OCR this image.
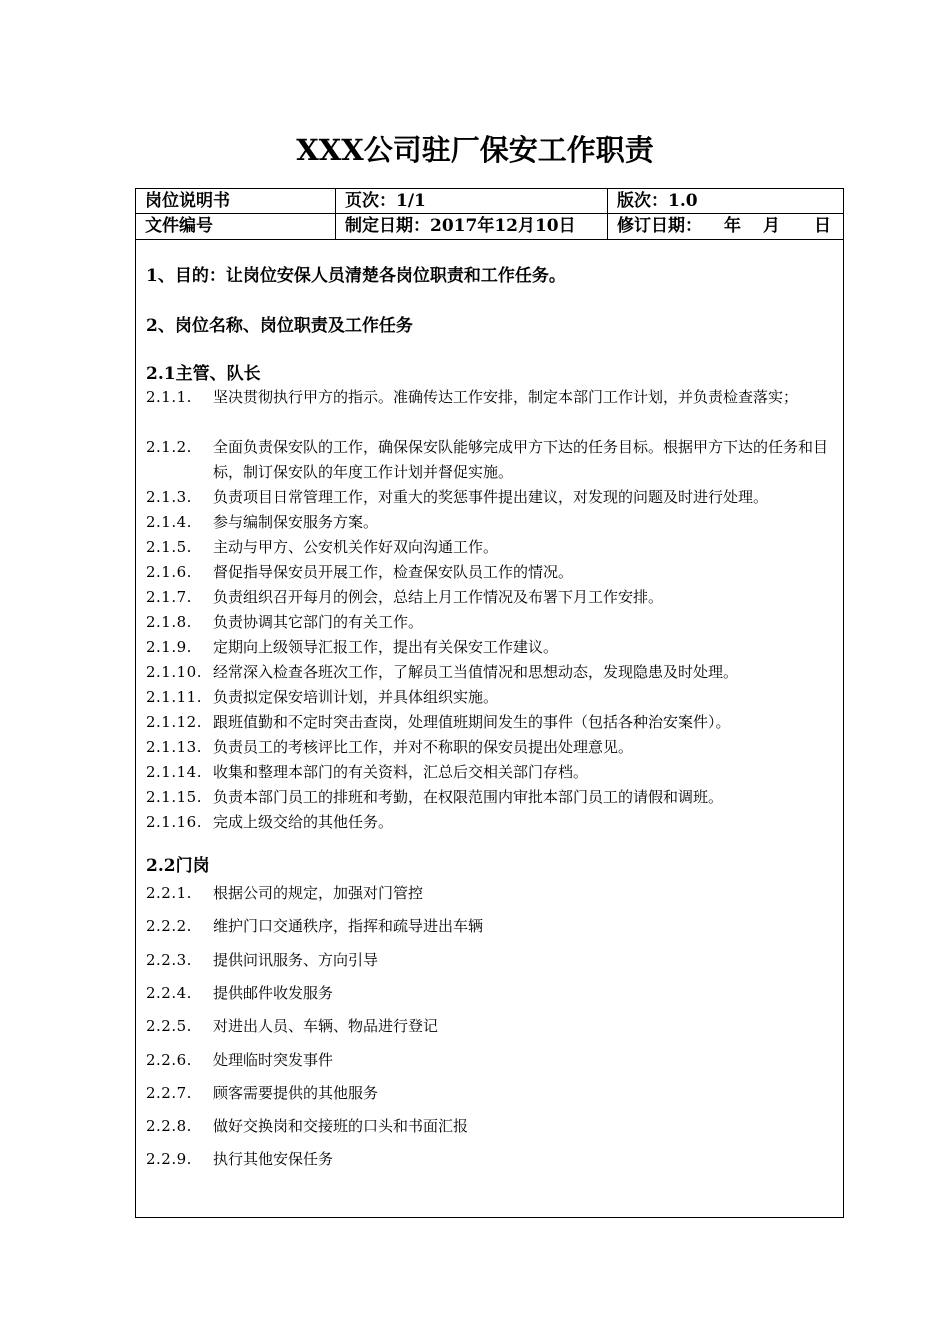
XXX公司驻厂保安工作职责
岗位说明书	页次：1/1	版次：1.0
文件编号	制定日期：2017年12月10日	修订日期： 年 月 日
1、目的：让岗位安保人员清楚各岗位职责和工作任务。
2、岗位名称、岗位职责及工作任务
2.1主管、队长
2.1.1.	坚决贯彻执行甲方的指示。准确传达工作安排，制定本部门工作计划，并负责检查落实；
2.1.2.	全面负责保安队的工作，确保保安队能够完成甲方下达的任务目标。根据甲方下达的任务和目标，制订保安队的年度工作计划并督促实施。
2.1.3.	负责项目日常管理工作，对重大的奖惩事件提出建议，对发现的问题及时进行处理。
2.1.4.	参与编制保安服务方案。
2.1.5.	主动与甲方、公安机关作好双向沟通工作。
2.1.6.	督促指导保安员开展工作，检查保安队员工作的情况。
2.1.7.	负责组织召开每月的例会，总结上月工作情况及布署下月工作安排。
2.1.8.	负责协调其它部门的有关工作。
2.1.9.	定期向上级领导汇报工作，提出有关保安工作建议。
2.1.10. 经常深入检查各班次工作，了解员工当值情况和思想动态，发现隐患及时处理。
2.1.11. 负责拟定保安培训计划，并具体组织实施。
2.1.12. 跟班值勤和不定时突击查岗，处理值班期间发生的事件（包括各种治安案件）。
2.1.13. 负责员工的考核评比工作，并对不称职的保安员提出处理意见。
2.1.14. 收集和整理本部门的有关资料，汇总后交相关部门存档。
2.1.15. 负责本部门员工的排班和考勤，在权限范围内审批本部门员工的请假和调班。
2.1.16. 完成上级交给的其他任务。
2.2门岗
2.2.1.	根据公司的规定，加强对门管控
2.2.2.	维护门口交通秩序，指挥和疏导进出车辆
2.2.3.	提供问讯服务、方向引导
2.2.4.	提供邮件收发服务
2.2.5.	对进出人员、车辆、物品进行登记
2.2.6.	处理临时突发事件
2.2.7.	顾客需要提供的其他服务
2.2.8.	做好交换岗和交接班的口头和书面汇报
2.2.9.	执行其他安保任务
